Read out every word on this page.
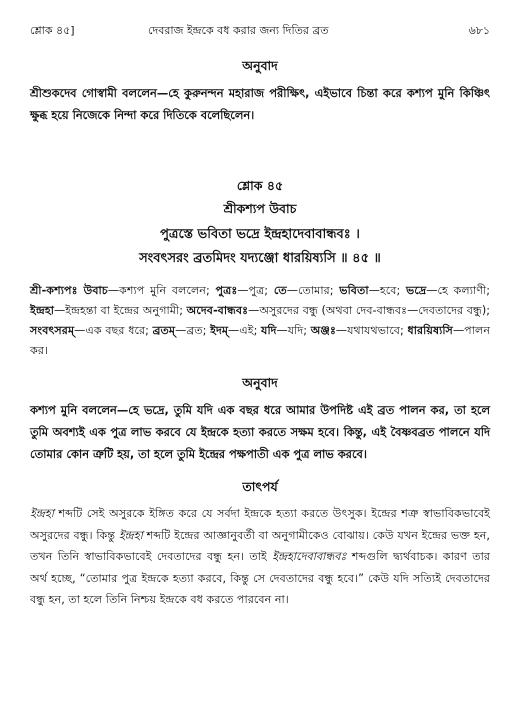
শ্লোক ৪৫]	দেবরাজ ইন্দ্রকে বধ করার জন্য দিতির ব্রত	৬৮১

অনুবাদ

শ্রীশুকদেব গোস্বামী বললেন—হে কুরুনন্দন মহারাজ পরীক্ষিৎ, এইভাবে চিন্তা করে কশ্যপ মুনি কিঞ্চিৎ ক্ষুব্ধ হয়ে নিজেকে নিন্দা করে দিতিকে বলেছিলেন।

শ্লোক ৪৫

শ্রীকশ্যপ উবাচ

পুত্রস্তে ভবিতা ভদ্রে ইন্দ্রহাদেবাবান্ধবঃ ।

সংবৎসরং ব্রতমিদং যদ্যঞ্জো ধারয়িষ্যসি ॥ ৪৫ ॥

শ্রী-কশ্যপঃ উবাচ—কশ্যপ মুনি বললেন; পুত্রঃ—পুত্র; তে—তোমার; ভবিতা—হবে; ভদ্রে—হে কল্যাণী; ইন্দ্রহা—ইন্দ্রহন্তা বা ইন্দ্রের অনুগামী; অদেব-বান্ধবঃ—অসুরদের বন্ধু (অথবা দেব-বান্ধবঃ—দেবতাদের বন্ধু); সংবৎসরম্—এক বছর ধরে; ব্রতম্—ব্রত; ইদম্—এই; যদি—যদি; অঞ্জঃ—যথাযথভাবে; ধারয়িষ্যসি—পালন কর।

অনুবাদ

কশ্যপ মুনি বললেন—হে ভদ্রে, তুমি যদি এক বছর ধরে আমার উপদিষ্ট এই ব্রত পালন কর, তা হলে তুমি অবশ্যই এক পুত্র লাভ করবে যে ইন্দ্রকে হত্যা করতে সক্ষম হবে। কিন্তু, এই বৈষ্ণবব্রত পালনে যদি তোমার কোন ত্রুটি হয়, তা হলে তুমি ইন্দ্রের পক্ষপাতী এক পুত্র লাভ করবে।

তাৎপর্য

ইন্দ্রহা শব্দটি সেই অসুরকে ইঙ্গিত করে যে সর্বদা ইন্দ্রকে হত্যা করতে উৎসুক। ইন্দ্রের শত্রু স্বাভাবিকভাবেই অসুরদের বন্ধু। কিন্তু ইন্দ্রহা শব্দটি ইন্দ্রের আজ্ঞানুবর্তী বা অনুগামীকেও বোঝায়। কেউ যখন ইন্দ্রের ভক্ত হন, তখন তিনি স্বাভাবিকভাবেই দেবতাদের বন্ধু হন। তাই ইন্দ্রহাদেবাবান্ধবঃ শব্দগুলি দ্ব্যর্থবাচক। কারণ তার অর্থ হচ্ছে, “তোমার পুত্র ইন্দ্রকে হত্যা করবে, কিন্তু সে দেবতাদের বন্ধু হবে।” কেউ যদি সত্যিই দেবতাদের বন্ধু হন, তা হলে তিনি নিশ্চয় ইন্দ্রকে বধ করতে পারবেন না।
